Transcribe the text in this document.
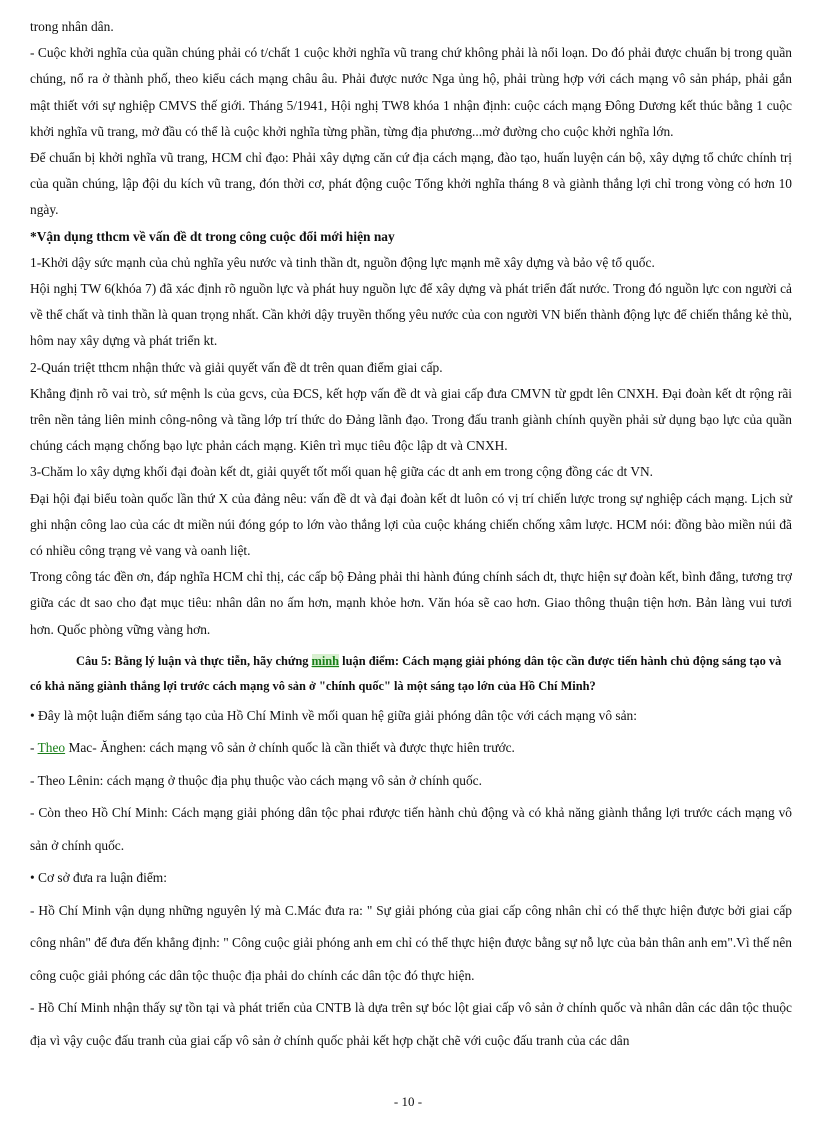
trong nhân dân.

- Cuộc khởi nghĩa của quần chúng phải có t/chất 1 cuộc khởi nghĩa vũ trang chứ không phải là nổi loạn. Do đó phải được chuẩn bị trong quần chúng, nổ ra ở thành phố, theo kiểu cách mạng châu âu. Phải được nước Nga ủng hộ, phải trùng hợp với cách mạng vô sản pháp, phải gắn mật thiết với sự nghiệp CMVS thế giới. Tháng 5/1941, Hội nghị TW8 khóa 1 nhận định: cuộc cách mạng Đông Dương kết thúc bằng 1 cuộc khởi nghĩa vũ trang, mở đầu có thể là cuộc khởi nghĩa từng phần, từng địa phương...mở đường cho cuộc khởi nghĩa lớn.

Để chuẩn bị khởi nghĩa vũ trang, HCM chỉ đạo: Phải xây dựng căn cứ địa cách mạng, đào tạo, huấn luyện cán bộ, xây dựng tổ chức chính trị của quần chúng, lập đội du kích vũ trang, đón thời cơ, phát động cuộc Tổng khởi nghĩa tháng 8 và giành thắng lợi chỉ trong vòng có hơn 10 ngày.

*Vận dụng tthcm về vấn đề dt trong công cuộc đổi mới hiện nay

1-Khởi dậy sức mạnh của chủ nghĩa yêu nước và tinh thần dt, nguồn động lực mạnh mẽ xây dựng và bảo vệ tổ quốc.

Hội nghị TW 6(khóa 7) đã xác định rõ nguồn lực và phát huy nguồn lực để xây dựng và phát triển đất nước. Trong đó nguồn lực con người cả về thể chất và tinh thần là quan trọng nhất. Cần khởi dậy truyền thống yêu nước của con người VN biến thành động lực để chiến thắng kẻ thù, hôm nay xây dựng và phát triển kt.

2-Quán triệt tthcm nhận thức và giải quyết vấn đề dt trên quan điểm giai cấp.

Khẳng định rõ vai trò, sứ mệnh ls của gcvs, của ĐCS, kết hợp vấn đề dt và giai cấp đưa CMVN từ gpdt lên CNXH. Đại đoàn kết dt rộng rãi trên nền tảng liên minh công-nông và tầng lớp trí thức do Đảng lãnh đạo. Trong đấu tranh giành chính quyền phải sử dụng bạo lực của quần chúng cách mạng chống bạo lực phản cách mạng. Kiên trì mục tiêu độc lập dt và CNXH.

3-Chăm lo xây dựng khối đại đoàn kết dt, giải quyết tốt mối quan hệ giữa các dt anh em trong cộng đồng các dt VN.

Đại hội đại biểu toàn quốc lần thứ X của đảng nêu: vấn đề dt và đại đoàn kết dt luôn có vị trí chiến lược trong sự nghiệp cách mạng. Lịch sử ghi nhận công lao của các dt miền núi đóng góp to lớn vào thắng lợi của cuộc kháng chiến chống xâm lược. HCM nói: đồng bào miền núi đã có nhiều công trạng vẻ vang và oanh liệt.

Trong công tác đền ơn, đáp nghĩa HCM chỉ thị, các cấp bộ Đảng phải thi hành đúng chính sách dt, thực hiện sự đoàn kết, bình đẳng, tương trợ giữa các dt sao cho đạt mục tiêu: nhân dân no ấm hơn, mạnh khỏe hơn. Văn hóa sẽ cao hơn. Giao thông thuận tiện hơn. Bản làng vui tươi hơn. Quốc phòng vững vàng hơn.

Câu 5: Bằng lý luận và thực tiễn, hãy chứng minh luận điểm: Cách mạng giải phóng dân tộc cần được tiến hành chủ động sáng tạo và có khả năng giành thắng lợi trước cách mạng vô sản ở "chính quốc" là một sáng tạo lớn của Hồ Chí Minh?

• Đây là một luận điểm sáng tạo của Hồ Chí Minh về mối quan hệ giữa giải phóng dân tộc với cách mạng vô sản:

- Theo Mac- Ănghen: cách mạng vô sản ở chính quốc là cần thiết và được thực hiên trước.

- Theo Lênin: cách mạng ở thuộc địa phụ thuộc vào cách mạng vô sản ở chính quốc.

- Còn theo Hồ Chí Minh: Cách mạng giải phóng dân tộc phai rđược tiến hành chủ động và có khả năng giành thắng lợi trước cách mạng vô sản ở chính quốc.

• Cơ sở đưa ra luận điểm:

- Hồ Chí Minh vận dụng những nguyên lý mà C.Mác đưa ra: " Sự giải phóng của giai cấp công nhân chỉ có thể thực hiện được bởi giai cấp công nhân" để đưa đến khẳng định: " Công cuộc giải phóng anh em chỉ có thể thực hiện được bằng sự nỗ lực của bản thân anh em".Vì thế nên công cuộc giải phóng các dân tộc thuộc địa phải do chính các dân tộc đó thực hiện.

- Hồ Chí Minh nhận thấy sự tồn tại và phát triển của CNTB là dựa trên sự bóc lột giai cấp vô sản ở chính quốc và nhân dân các dân tộc thuộc địa vì vậy cuộc đấu tranh của giai cấp vô sản ở chính quốc phải kết hợp chặt chẽ với cuộc đấu tranh của các dân

- 10 -
